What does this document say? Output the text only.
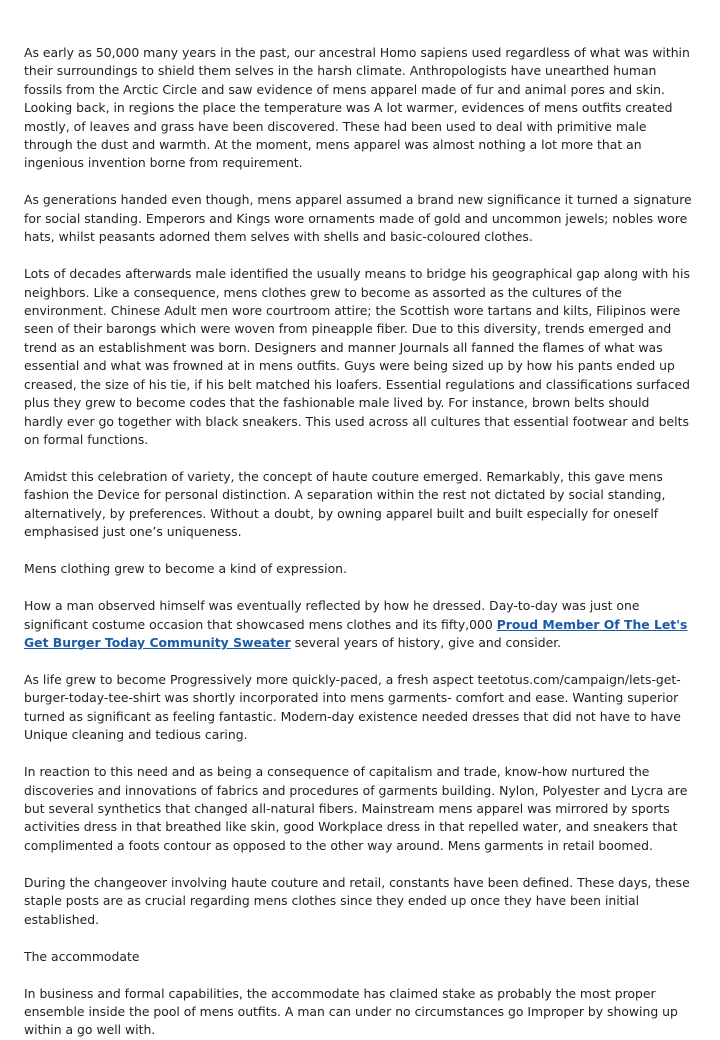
As early as 50,000 many years in the past, our ancestral Homo sapiens used regardless of what was within their surroundings to shield them selves in the harsh climate. Anthropologists have unearthed human fossils from the Arctic Circle and saw evidence of mens apparel made of fur and animal pores and skin. Looking back, in regions the place the temperature was A lot warmer, evidences of mens outfits created mostly, of leaves and grass have been discovered. These had been used to deal with primitive male through the dust and warmth. At the moment, mens apparel was almost nothing a lot more that an ingenious invention borne from requirement.

As generations handed even though, mens apparel assumed a brand new significance it turned a signature for social standing. Emperors and Kings wore ornaments made of gold and uncommon jewels; nobles wore hats, whilst peasants adorned them selves with shells and basic-coloured clothes.

Lots of decades afterwards male identified the usually means to bridge his geographical gap along with his neighbors. Like a consequence, mens clothes grew to become as assorted as the cultures of the environment. Chinese Adult men wore courtroom attire; the Scottish wore tartans and kilts, Filipinos were seen of their barongs which were woven from pineapple fiber. Due to this diversity, trends emerged and trend as an establishment was born. Designers and manner Journals all fanned the flames of what was essential and what was frowned at in mens outfits. Guys were being sized up by how his pants ended up creased, the size of his tie, if his belt matched his loafers. Essential regulations and classifications surfaced plus they grew to become codes that the fashionable male lived by. For instance, brown belts should hardly ever go together with black sneakers. This used across all cultures that essential footwear and belts on formal functions.

Amidst this celebration of variety, the concept of haute couture emerged. Remarkably, this gave mens fashion the Device for personal distinction. A separation within the rest not dictated by social standing, alternatively, by preferences. Without a doubt, by owning apparel built and built especially for oneself emphasised just one’s uniqueness.

Mens clothing grew to become a kind of expression.

How a man observed himself was eventually reflected by how he dressed. Day-to-day was just one significant costume occasion that showcased mens clothes and its fifty,000 Proud Member Of The Let's Get Burger Today Community Sweater several years of history, give and consider.

As life grew to become Progressively more quickly-paced, a fresh aspect teetotus.com/campaign/lets-get-burger-today-tee-shirt was shortly incorporated into mens garments- comfort and ease. Wanting superior turned as significant as feeling fantastic. Modern-day existence needed dresses that did not have to have Unique cleaning and tedious caring.

In reaction to this need and as being a consequence of capitalism and trade, know-how nurtured the discoveries and innovations of fabrics and procedures of garments building. Nylon, Polyester and Lycra are but several synthetics that changed all-natural fibers. Mainstream mens apparel was mirrored by sports activities dress in that breathed like skin, good Workplace dress in that repelled water, and sneakers that complimented a foots contour as opposed to the other way around. Mens garments in retail boomed.

During the changeover involving haute couture and retail, constants have been defined. These days, these staple posts are as crucial regarding mens clothes since they ended up once they have been initial established.

The accommodate

In business and formal capabilities, the accommodate has claimed stake as probably the most proper ensemble inside the pool of mens outfits. A man can under no circumstances go Improper by showing up within a go well with.
